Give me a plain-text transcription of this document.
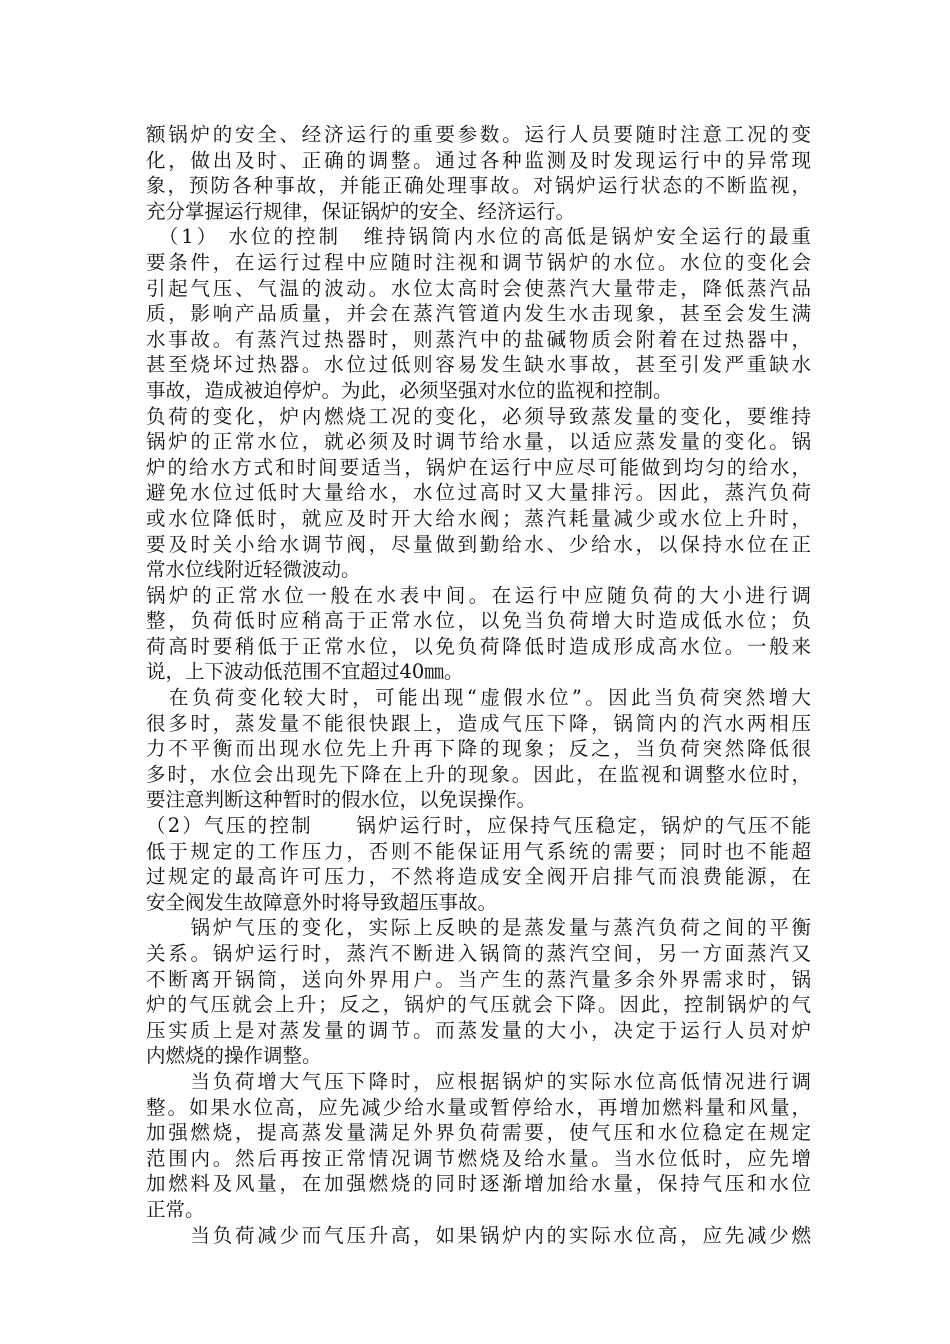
额锅炉的安全、经济运行的重要参数。运行人员要随时注意工况的变
化，做出及时、正确的调整。通过各种监测及时发现运行中的异常现
象，预防各种事故，并能正确处理事故。对锅炉运行状态的不断监视，
充分掌握运行规律，保证锅炉的安全、经济运行。
　（1） 水位的控制　维持锅筒内水位的高低是锅炉安全运行的最重
要条件，在运行过程中应随时注视和调节锅炉的水位。水位的变化会
引起气压、气温的波动。水位太高时会使蒸汽大量带走，降低蒸汽品
质，影响产品质量，并会在蒸汽管道内发生水击现象，甚至会发生满
水事故。有蒸汽过热器时，则蒸汽中的盐碱物质会附着在过热器中，
甚至烧坏过热器。水位过低则容易发生缺水事故，甚至引发严重缺水
事故，造成被迫停炉。为此，必须坚强对水位的监视和控制。
负荷的变化，炉内燃烧工况的变化，必须导致蒸发量的变化，要维持
锅炉的正常水位，就必须及时调节给水量，以适应蒸发量的变化。锅
炉的给水方式和时间要适当，锅炉在运行中应尽可能做到均匀的给水，
避免水位过低时大量给水，水位过高时又大量排污。因此，蒸汽负荷
或水位降低时，就应及时开大给水阀；蒸汽耗量减少或水位上升时，
要及时关小给水调节阀，尽量做到勤给水、少给水，以保持水位在正
常水位线附近轻微波动。
锅炉的正常水位一般在水表中间。在运行中应随负荷的大小进行调
整，负荷低时应稍高于正常水位，以免当负荷增大时造成低水位；负
荷高时要稍低于正常水位，以免负荷降低时造成形成高水位。一般来
说，上下波动低范围不宜超过40㎜。
　在负荷变化较大时，可能出现“虚假水位”。因此当负荷突然增大
很多时，蒸发量不能很快跟上，造成气压下降，锅筒内的汽水两相压
力不平衡而出现水位先上升再下降的现象；反之，当负荷突然降低很
多时，水位会出现先下降在上升的现象。因此，在监视和调整水位时，
要注意判断这种暂时的假水位，以免误操作。
（2）气压的控制　　锅炉运行时，应保持气压稳定，锅炉的气压不能
低于规定的工作压力，否则不能保证用气系统的需要；同时也不能超
过规定的最高许可压力，不然将造成安全阀开启排气而浪费能源，在
安全阀发生故障意外时将导致超压事故。
　　锅炉气压的变化，实际上反映的是蒸发量与蒸汽负荷之间的平衡
关系。锅炉运行时，蒸汽不断进入锅筒的蒸汽空间，另一方面蒸汽又
不断离开锅筒，送向外界用户。当产生的蒸汽量多余外界需求时，锅
炉的气压就会上升；反之，锅炉的气压就会下降。因此，控制锅炉的气
压实质上是对蒸发量的调节。而蒸发量的大小，决定于运行人员对炉
内燃烧的操作调整。
　　当负荷增大气压下降时，应根据锅炉的实际水位高低情况进行调
整。如果水位高，应先减少给水量或暂停给水，再增加燃料量和风量，
加强燃烧，提高蒸发量满足外界负荷需要，使气压和水位稳定在规定
范围内。然后再按正常情况调节燃烧及给水量。当水位低时，应先增
加燃料及风量，在加强燃烧的同时逐渐增加给水量，保持气压和水位
正常。
　　当负荷减少而气压升高，如果锅炉内的实际水位高，应先减少燃
